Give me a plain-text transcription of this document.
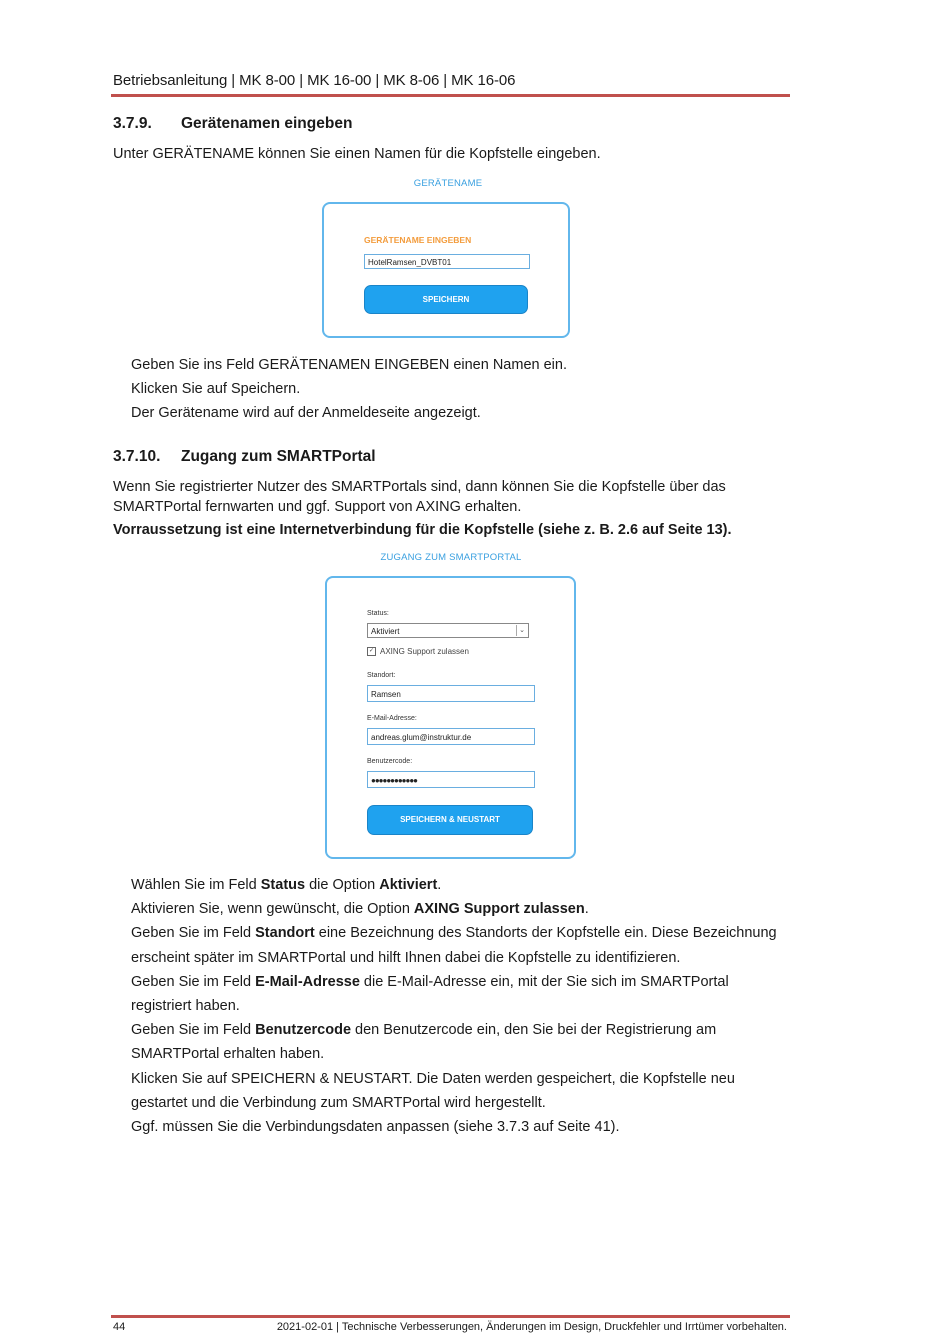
Betriebsanleitung | MK 8-00 | MK 16-00 | MK 8-06 | MK 16-06
3.7.9. Gerätenamen eingeben
Unter GERÄTENAME können Sie einen Namen für die Kopfstelle eingeben.
GERÄTENAME
GERÄTENAME EINGEBEN
HotelRamsen_DVBT01
SPEICHERN

Geben Sie ins Feld GERÄTENAMEN EINGEBEN einen Namen ein.

Klicken Sie auf Speichern.

Der Gerätename wird auf der Anmeldeseite angezeigt.

3.7.10. Zugang zum SMARTPortal
Wenn Sie registrierter Nutzer des SMARTPortals sind, dann können Sie die Kopfstelle über das SMARTPortal fernwarten und ggf. Support von AXING erhalten.
Vorraussetzung ist eine Internetverbindung für die Kopfstelle (siehe z. B. 2.6 auf Seite 13).
ZUGANG ZUM SMARTPORTAL
Status:
Aktiviert	⌄
✓ AXING Support zulassen
Standort:
Ramsen
E-Mail-Adresse:
andreas.glum@instruktur.de
Benutzercode:
●●●●●●●●●●●●
SPEICHERN & NEUSTART

Wählen Sie im Feld Status die Option Aktiviert.

Aktivieren Sie, wenn gewünscht, die Option AXING Support zulassen.

Geben Sie im Feld Standort eine Bezeichnung des Standorts der Kopfstelle ein. Diese Bezeichnung erscheint später im SMARTPortal und hilft Ihnen dabei die Kopfstelle zu identifizieren.

Geben Sie im Feld E-Mail-Adresse die E-Mail-Adresse ein, mit der Sie sich im SMARTPortal registriert haben.

Geben Sie im Feld Benutzercode den Benutzercode ein, den Sie bei der Registrierung am SMARTPortal erhalten haben.

Klicken Sie auf SPEICHERN & NEUSTART. Die Daten werden gespeichert, die Kopfstelle neu gestartet und die Verbindung zum SMARTPortal wird hergestellt.

Ggf. müssen Sie die Verbindungsdaten anpassen (siehe 3.7.3 auf Seite 41).

44	2021-02-01 | Technische Verbesserungen, Änderungen im Design, Druckfehler und Irrtümer vorbehalten.
